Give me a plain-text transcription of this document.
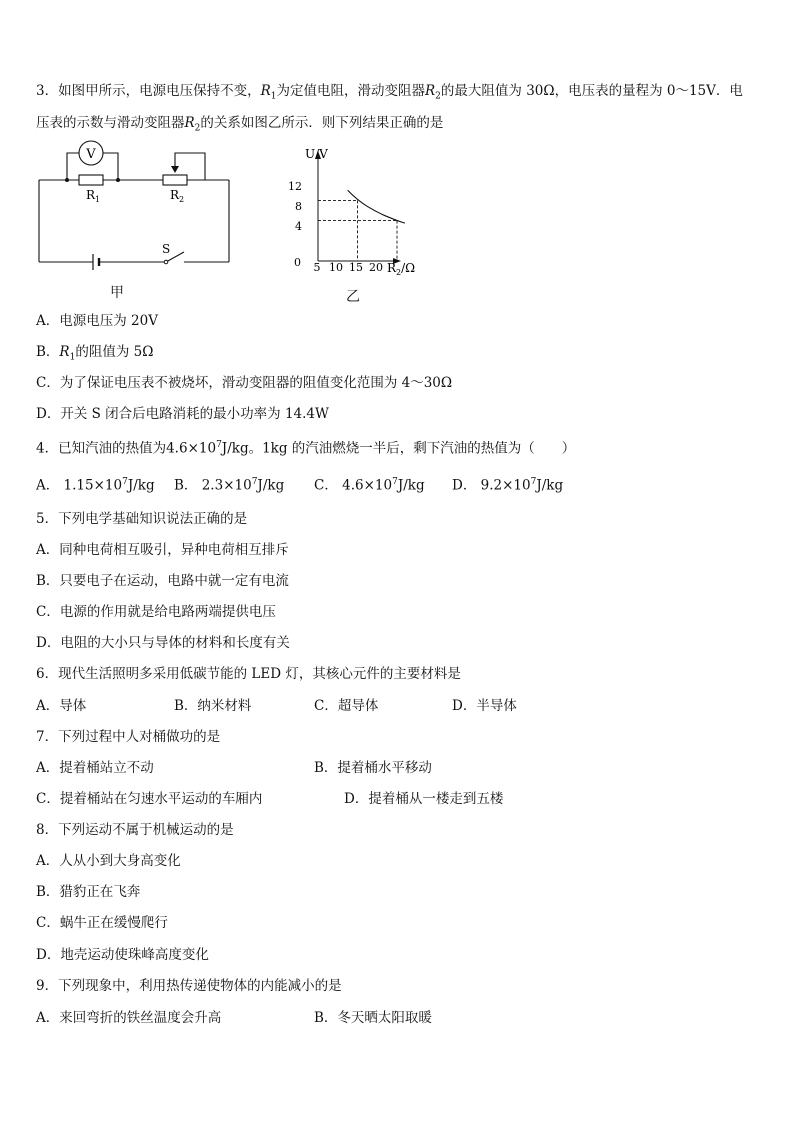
3．如图甲所示，电源电压保持不变，$R_1$为定值电阻，滑动变阻器$R_2$的最大阻值为 30Ω，电压表的量程为 0～15V．电
压表的示数与滑动变阻器$R_2$的关系如图乙所示．则下列结果正确的是
V
$R_1$	$R_2$
S
甲
U/V
$R_2/\Omega$
0
12
8
4
5 10 15 20
乙
A．电源电压为 20V
B．$R_1$的阻值为 5Ω
C．为了保证电压表不被烧坏，滑动变阻器的阻值变化范围为 4～30Ω
D．开关 S 闭合后电路消耗的最小功率为 14.4W
4．已知汽油的热值为$4.6\times 10^7J/kg$。1kg 的汽油燃烧一半后，剩下汽油的热值为（　　）
A． $1.15\times 10^7J/kg$ B． $2.3\times 10^7J/kg$ C． $4.6\times 10^7J/kg$ D． $9.2\times 10^7J/kg$
5．下列电学基础知识说法正确的是
A．同种电荷相互吸引，异种电荷相互排斥
B．只要电子在运动，电路中就一定有电流
C．电源的作用就是给电路两端提供电压
D．电阻的大小只与导体的材料和长度有关
6．现代生活照明多采用低碳节能的 LED 灯，其核心元件的主要材料是
A．导体	B．纳米材料	C．超导体	D．半导体
7．下列过程中人对桶做功的是
A．提着桶站立不动	B．提着桶水平移动
C．提着桶站在匀速水平运动的车厢内	D．提着桶从一楼走到五楼
8．下列运动不属于机械运动的是
A．人从小到大身高变化
B．猎豹正在飞奔
C．蜗牛正在缓慢爬行
D．地壳运动使珠峰高度变化
9．下列现象中，利用热传递使物体的内能减小的是
A．来回弯折的铁丝温度会升高	B．冬天晒太阳取暖
